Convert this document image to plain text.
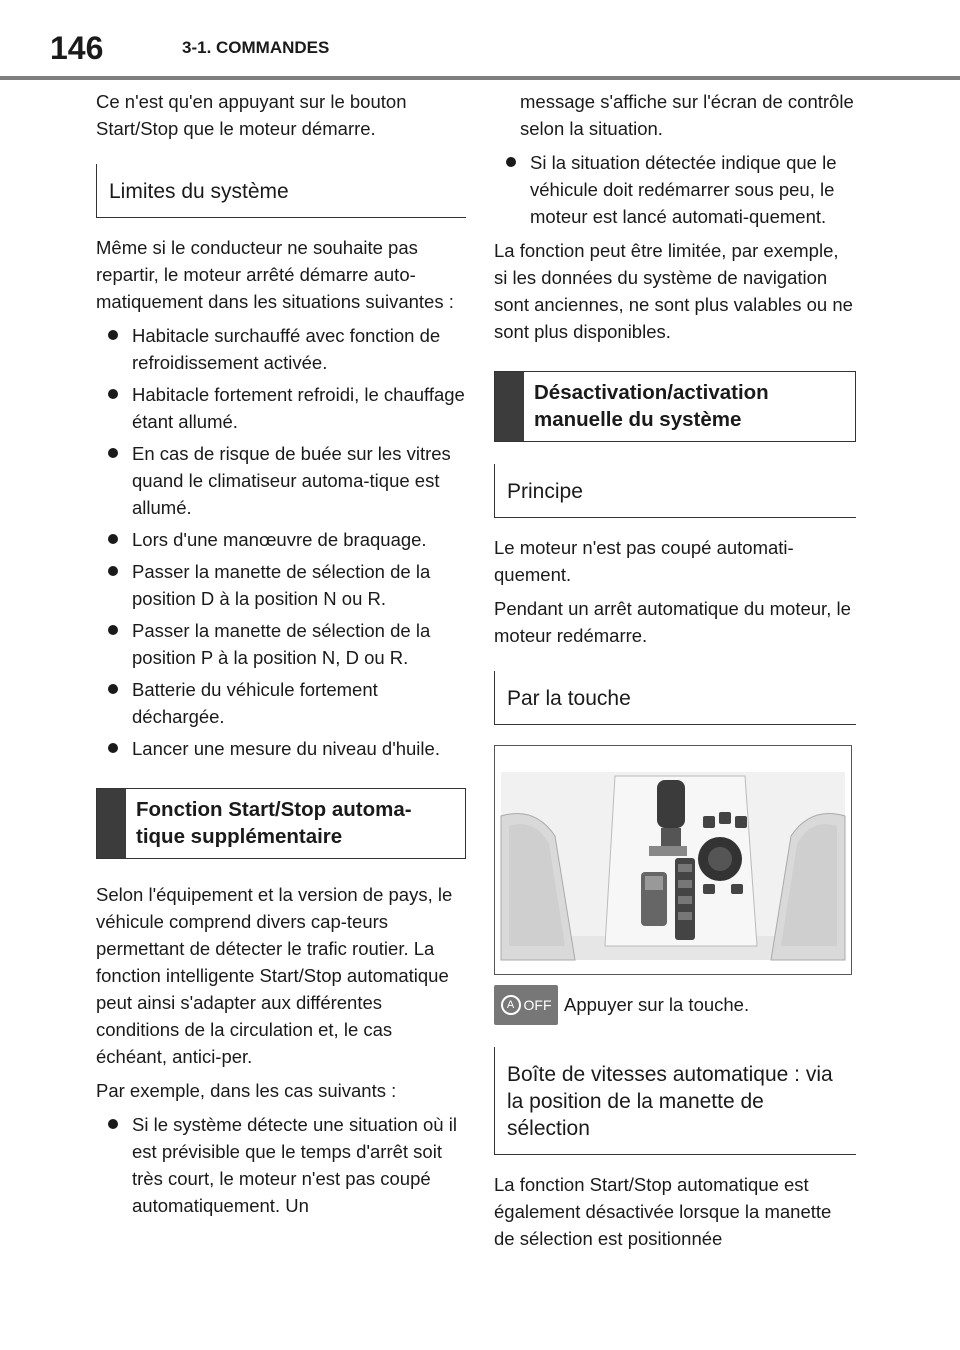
146	3-1. COMMANDES

Ce n'est qu'en appuyant sur le bouton Start/Stop que le moteur démarre.

Limites du système

Même si le conducteur ne souhaite pas repartir, le moteur arrêté démarre auto-matiquement dans les situations suivantes :

Habitacle surchauffé avec fonction de refroidissement activée.
Habitacle fortement refroidi, le chauffage étant allumé.
En cas de risque de buée sur les vitres quand le climatiseur automa-tique est allumé.
Lors d'une manœuvre de braquage.
Passer la manette de sélection de la position D à la position N ou R.
Passer la manette de sélection de la position P à la position N, D ou R.
Batterie du véhicule fortement déchargée.
Lancer une mesure du niveau d'huile.
Fonction Start/Stop automa-tique supplémentaire

Selon l'équipement et la version de pays, le véhicule comprend divers cap-teurs permettant de détecter le trafic routier. La fonction intelligente Start/Stop automatique peut ainsi s'adapter aux différentes conditions de la circulation et, le cas échéant, antici-per.

Par exemple, dans les cas suivants :

Si le système détecte une situation où il est prévisible que le temps d'arrêt soit très court, le moteur n'est pas coupé automatiquement. Un

message s'affiche sur l'écran de contrôle selon la situation.

Si la situation détectée indique que le véhicule doit redémarrer sous peu, le moteur est lancé automati-quement.

La fonction peut être limitée, par exemple, si les données du système de navigation sont anciennes, ne sont plus valables ou ne sont plus disponibles.

Désactivation/activation manuelle du système
Principe

Le moteur n'est pas coupé automati-quement.

Pendant un arrêt automatique du moteur, le moteur redémarre.

Par la touche
A OFF Appuyer sur la touche.
Boîte de vitesses automatique : via la position de la manette de sélection

La fonction Start/Stop automatique est également désactivée lorsque la manette de sélection est positionnée
